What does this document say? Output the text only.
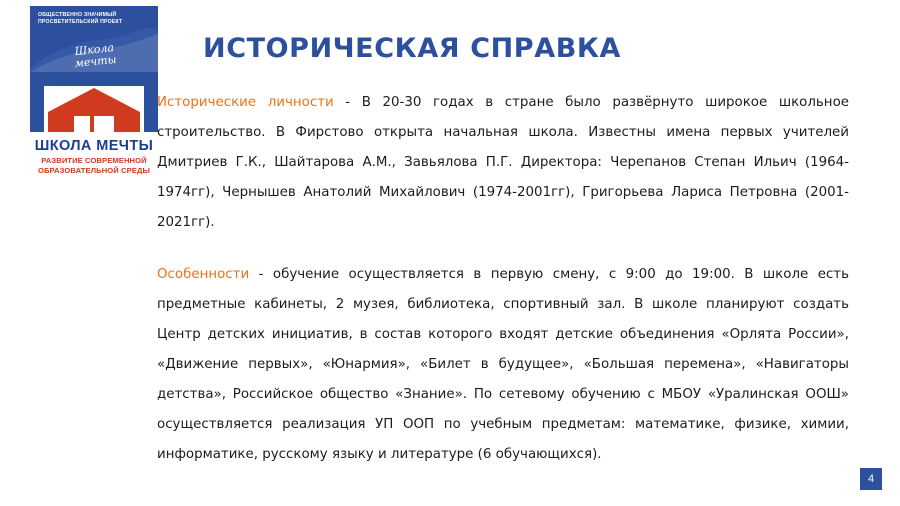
ОБЩЕСТВЕННО ЗНАЧИМЫЙ ПРОСВЕТИТЕЛЬСКИЙ ПРОЕКТ
Школа мечты
ШКОЛА МЕЧТЫ
РАЗВИТИЕ СОВРЕМЕННОЙ ОБРАЗОВАТЕЛЬНОЙ СРЕДЫ
ИСТОРИЧЕСКАЯ СПРАВКА

Исторические личности - В 20-30 годах в стране было развёрнуто широкое школьное строительство. В Фирстово открыта начальная школа. Известны имена первых учителей Дмитриев Г.К., Шайтарова А.М., Завьялова П.Г. Директора: Черепанов Степан Ильич (1964-1974гг), Чернышев Анатолий Михайлович (1974-2001гг), Григорьева Лариса Петровна (2001-2021гг).

Особенности - обучение осуществляется в первую смену, с 9:00 до 19:00. В школе есть предметные кабинеты, 2 музея, библиотека, спортивный зал. В школе планируют создать Центр детских инициатив, в состав которого входят детские объединения «Орлята России», «Движение первых», «Юнармия», «Билет в будущее», «Большая перемена», «Навигаторы детства», Российское общество «Знание». По сетевому обучению с МБОУ «Уралинская ООШ» осуществляется реализация УП ООП по учебным предметам: математике, физике, химии, информатике, русскому языку и литературе (6 обучающихся).

4
